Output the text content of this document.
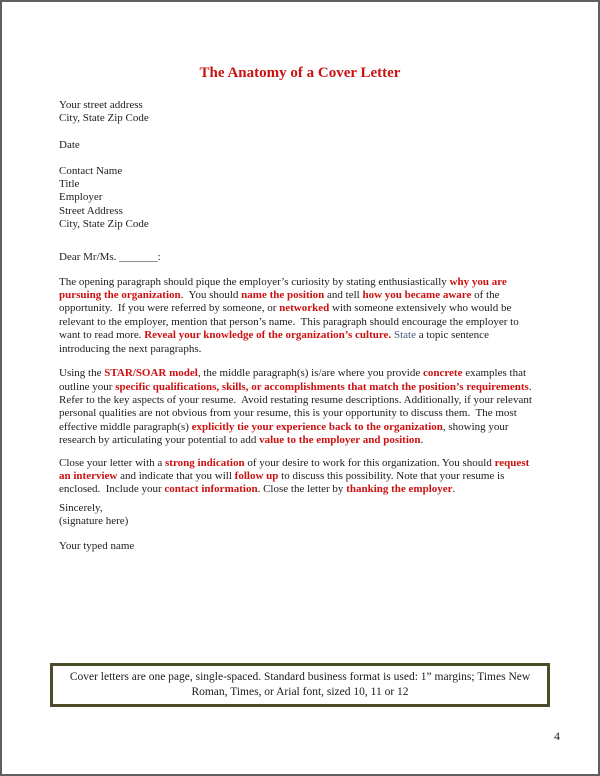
The Anatomy of a Cover Letter
Your street address
City, State Zip Code
Date
Contact Name
Title
Employer
Street Address
City, State Zip Code
Dear Mr/Ms. _______:

The opening paragraph should pique the employer’s curiosity by stating enthusiastically why you are pursuing the organization.  You should name the position and tell how you became aware of the opportunity.  If you were referred by someone, or networked with someone extensively who would be relevant to the employer, mention that person’s name.  This paragraph should encourage the employer to want to read more. Reveal your knowledge of the organization’s culture. State a topic sentence introducing the next paragraphs.

Using the STAR/SOAR model, the middle paragraph(s) is/are where you provide concrete examples that outline your specific qualifications, skills, or accomplishments that match the position’s requirements. Refer to the key aspects of your resume.  Avoid restating resume descriptions. Additionally, if your relevant personal qualities are not obvious from your resume, this is your opportunity to discuss them.  The most effective middle paragraph(s) explicitly tie your experience back to the organization, showing your research by articulating your potential to add value to the employer and position.

Close your letter with a strong indication of your desire to work for this organization. You should request an interview and indicate that you will follow up to discuss this possibility. Note that your resume is enclosed.  Include your contact information. Close the letter by thanking the employer.

Sincerely,
(signature here)
Your typed name
Cover letters are one page, single-spaced. Standard business format is used: 1” margins; Times New
Roman, Times, or Arial font, sized 10, 11 or 12
4
